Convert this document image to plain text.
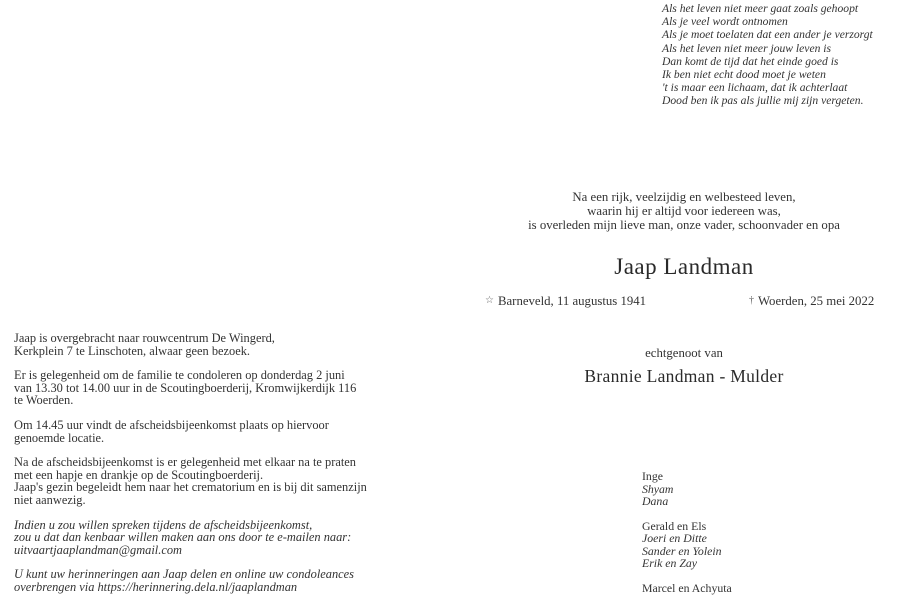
Als het leven niet meer gaat zoals gehoopt
Als je veel wordt ontnomen
Als je moet toelaten dat een ander je verzorgt
Als het leven niet meer jouw leven is
Dan komt de tijd dat het einde goed is
Ik ben niet echt dood moet je weten
't is maar een lichaam, dat ik achterlaat
Dood ben ik pas als jullie mij zijn vergeten.
Na een rijk, veelzijdig en welbesteed leven,
waarin hij er altijd voor iedereen was,
is overleden mijn lieve man, onze vader, schoonvader en opa
Jaap Landman
☆ Barneveld, 11 augustus 1941	† Woerden, 25 mei 2022
echtgenoot van
Brannie Landman - Mulder
Inge
Shyam
Dana
Gerald en Els
Joeri en Ditte
Sander en Yolein
Erik en Zay
Marcel en Achyuta

Jaap is overgebracht naar rouwcentrum De Wingerd,
Kerkplein 7 te Linschoten, alwaar geen bezoek.

Er is gelegenheid om de familie te condoleren op donderdag 2 juni
van 13.30 tot 14.00 uur in de Scoutingboerderij, Kromwijkerdijk 116
te Woerden.

Om 14.45 uur vindt de afscheidsbijeenkomst plaats op hiervoor
genoemde locatie.

Na de afscheidsbijeenkomst is er gelegenheid met elkaar na te praten
met een hapje en drankje op de Scoutingboerderij.
Jaap's gezin begeleidt hem naar het crematorium en is bij dit samenzijn
niet aanwezig.

Indien u zou willen spreken tijdens de afscheidsbijeenkomst,
zou u dat dan kenbaar willen maken aan ons door te e-mailen naar:
uitvaartjaaplandman@gmail.com

U kunt uw herinneringen aan Jaap delen en online uw condoleances
overbrengen via https://herinnering.dela.nl/jaaplandman
